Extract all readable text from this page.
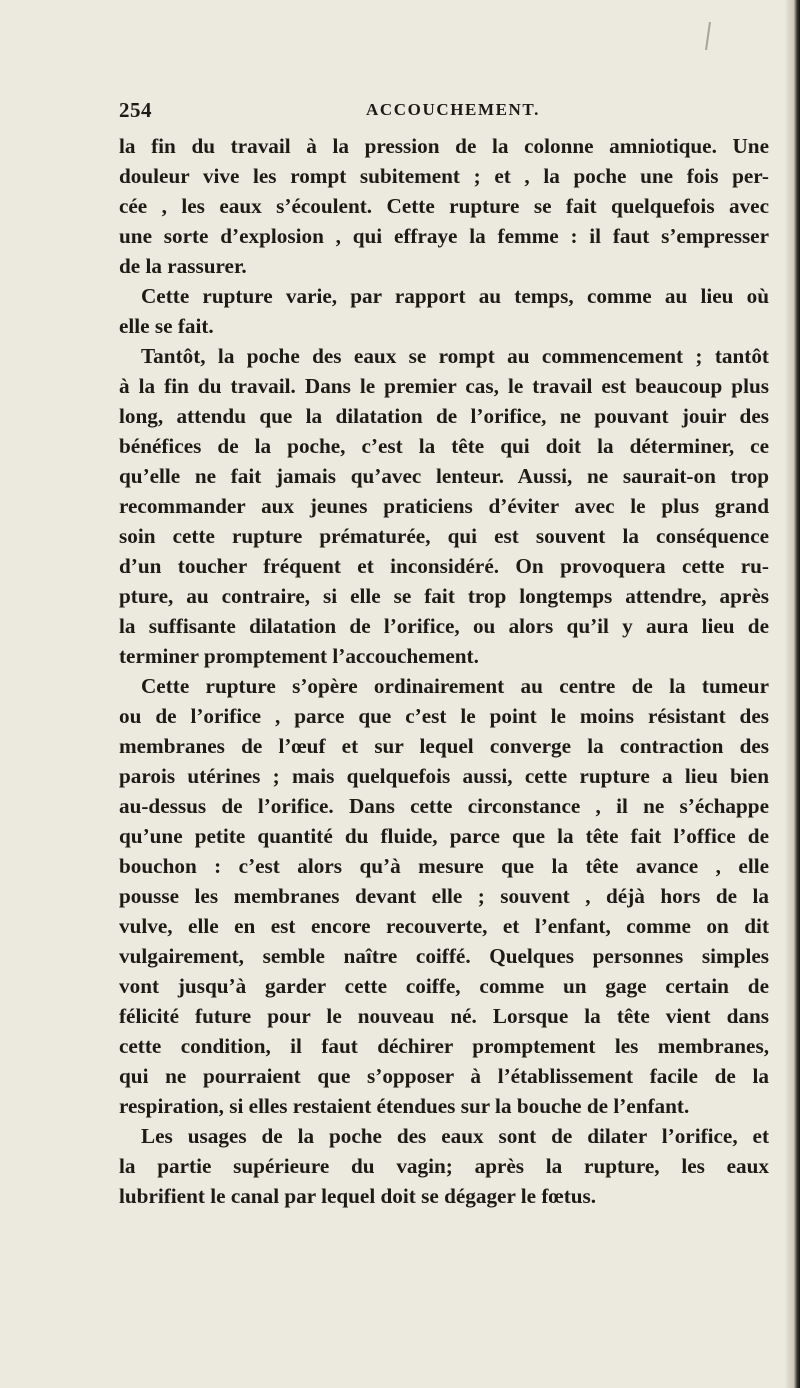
254	ACCOUCHEMENT.
la fin du travail à la pression de la colonne amniotique. Une
douleur vive les rompt subitement ; et , la poche une fois per-
cée , les eaux s’écoulent. Cette rupture se fait quelquefois avec
une sorte d’explosion , qui effraye la femme : il faut s’empresser
de la rassurer.
Cette rupture varie, par rapport au temps, comme au lieu où
elle se fait.
Tantôt, la poche des eaux se rompt au commencement ; tantôt
à la fin du travail. Dans le premier cas, le travail est beaucoup plus
long, attendu que la dilatation de l’orifice, ne pouvant jouir des
bénéfices de la poche, c’est la tête qui doit la déterminer, ce
qu’elle ne fait jamais qu’avec lenteur. Aussi, ne saurait-on trop
recommander aux jeunes praticiens d’éviter avec le plus grand
soin cette rupture prématurée, qui est souvent la conséquence
d’un toucher fréquent et inconsidéré. On provoquera cette ru-
pture, au contraire, si elle se fait trop longtemps attendre, après
la suffisante dilatation de l’orifice, ou alors qu’il y aura lieu de
terminer promptement l’accouchement.
Cette rupture s’opère ordinairement au centre de la tumeur
ou de l’orifice , parce que c’est le point le moins résistant des
membranes de l’œuf et sur lequel converge la contraction des
parois utérines ; mais quelquefois aussi, cette rupture a lieu bien
au-dessus de l’orifice. Dans cette circonstance , il ne s’échappe
qu’une petite quantité du fluide, parce que la tête fait l’office de
bouchon : c’est alors qu’à mesure que la tête avance , elle
pousse les membranes devant elle ; souvent , déjà hors de la
vulve, elle en est encore recouverte, et l’enfant, comme on dit
vulgairement, semble naître coiffé. Quelques personnes simples
vont jusqu’à garder cette coiffe, comme un gage certain de
félicité future pour le nouveau né. Lorsque la tête vient dans
cette condition, il faut déchirer promptement les membranes,
qui ne pourraient que s’opposer à l’établissement facile de la
respiration, si elles restaient étendues sur la bouche de l’enfant.
Les usages de la poche des eaux sont de dilater l’orifice, et
la partie supérieure du vagin; après la rupture, les eaux
lubrifient le canal par lequel doit se dégager le fœtus.
